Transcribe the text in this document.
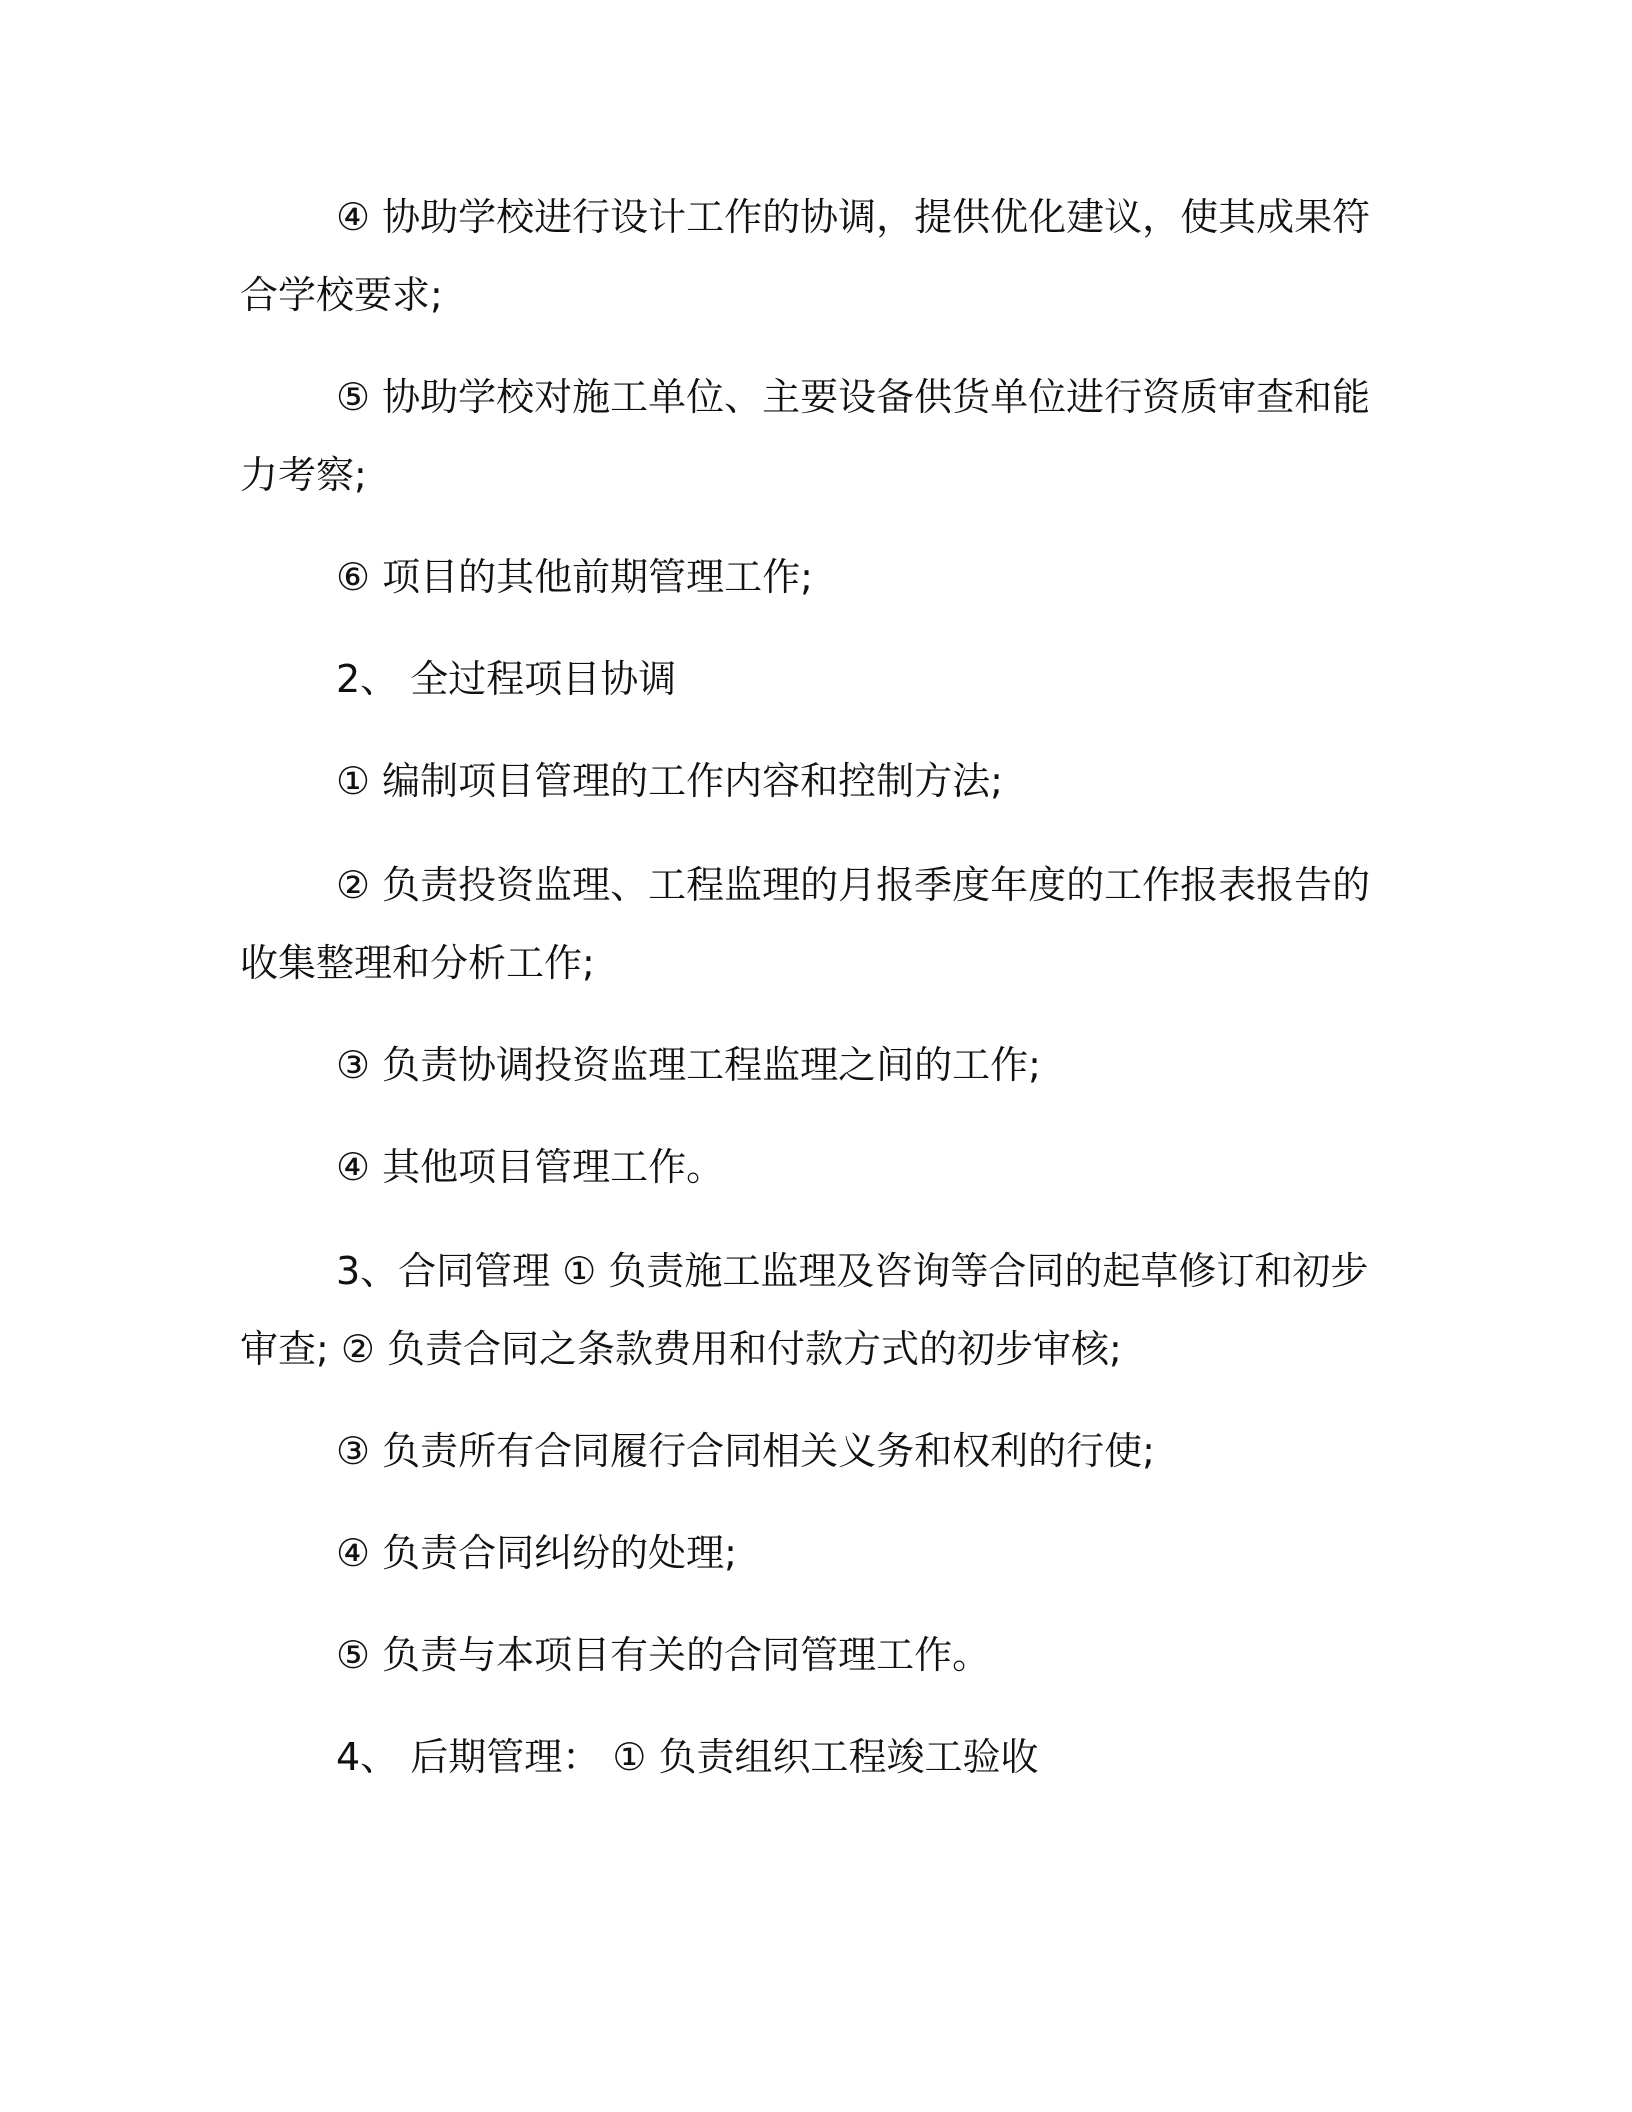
④ 协助学校进行设计工作的协调，提供优化建议，使其成果符合学校要求;

⑤ 协助学校对施工单位、主要设备供货单位进行资质审查和能力考察;

⑥ 项目的其他前期管理工作;

2、 全过程项目协调

① 编制项目管理的工作内容和控制方法;

② 负责投资监理、工程监理的月报季度年度的工作报表报告的收集整理和分析工作;

③ 负责协调投资监理工程监理之间的工作;

④ 其他项目管理工作。

3、合同管理 ① 负责施工监理及咨询等合同的起草修订和初步审查; ② 负责合同之条款费用和付款方式的初步审核;

③ 负责所有合同履行合同相关义务和权利的行使;

④ 负责合同纠纷的处理;

⑤ 负责与本项目有关的合同管理工作。

4、 后期管理： ① 负责组织工程竣工验收
